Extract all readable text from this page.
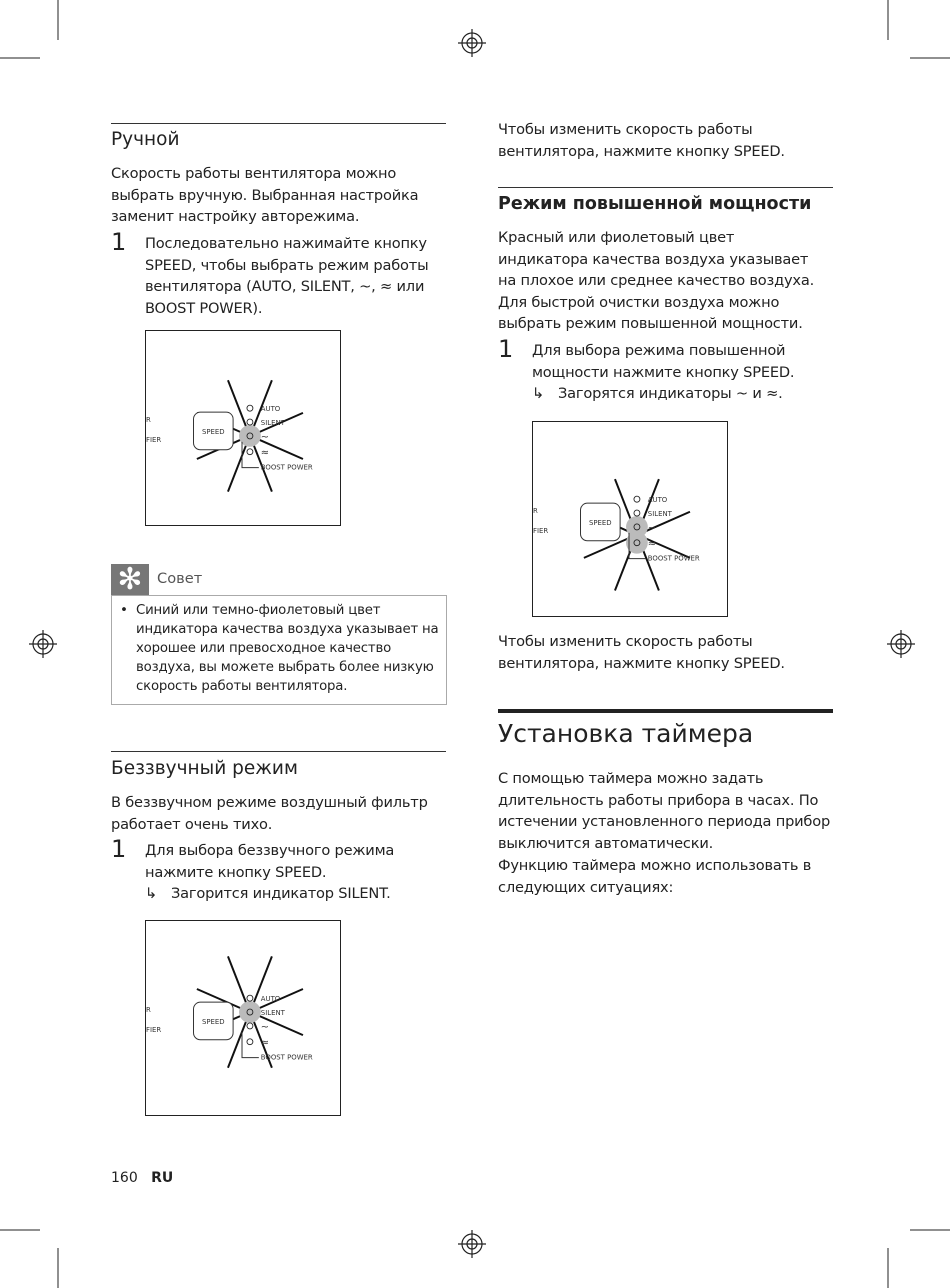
Ручной
Скорость работы вентилятора можно выбрать вручную. Выбранная настройка заменит настройку авторежима.
1 Последовательно нажимайте кнопку SPEED, чтобы выбрать режим работы вентилятора (AUTO, SILENT, ~, ≈ или BOOST POWER).
SPEED
AUTO
SILENT
~
≈
BOOST POWER
R
FIER
✻ Совет
• Синий или темно-фиолетовый цвет индикатора качества воздуха указывает на хорошее или превосходное качество воздуха, вы можете выбрать более низкую скорость работы вентилятора.
Беззвучный режим
В беззвучном режиме воздушный фильтр работает очень тихо.
1 Для выбора беззвучного режима нажмите кнопку SPEED.
↳ Загорится индикатор SILENT.
SPEED
AUTO
SILENT
~
≈
BOOST POWER
R
FIER
160 RU
Чтобы изменить скорость работы вентилятора, нажмите кнопку SPEED.
Режим повышенной мощности
Красный или фиолетовый цвет индикатора качества воздуха указывает на плохое или среднее качество воздуха. Для быстрой очистки воздуха можно выбрать режим повышенной мощности.
1 Для выбора режима повышенной мощности нажмите кнопку SPEED.
↳ Загорятся индикаторы ~ и ≈.
SPEED
AUTO
SILENT
~
≈
BOOST POWER
R
FIER
Чтобы изменить скорость работы вентилятора, нажмите кнопку SPEED.
Установка таймера
С помощью таймера можно задать длительность работы прибора в часах. По истечении установленного периода прибор выключится автоматически.
Функцию таймера можно использовать в следующих ситуациях:
